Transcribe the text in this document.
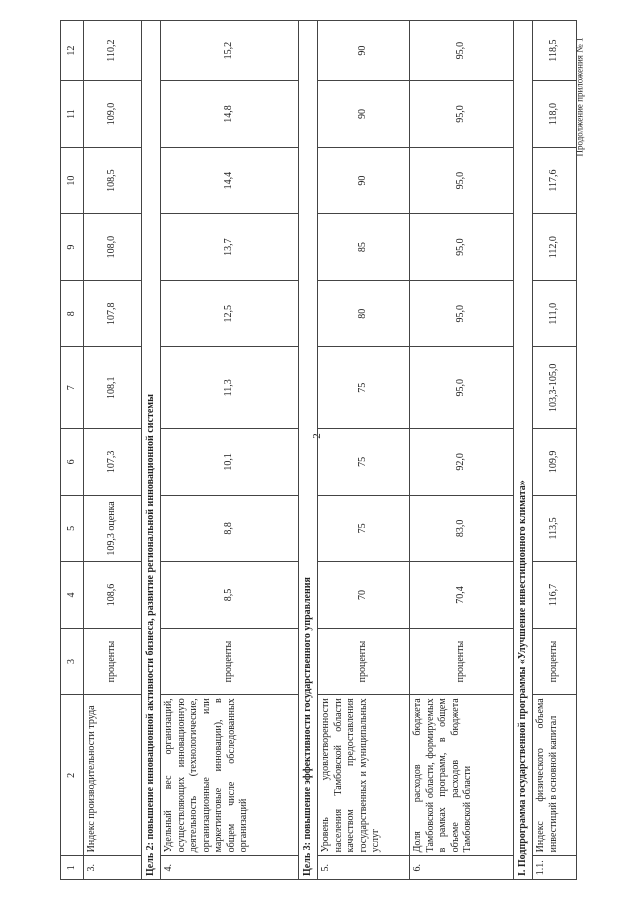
2
Продолжение приложения № 1
1	2	3	4	5	6	7	8	9	10	11	12
3.	Индекс производительности труда	проценты	108,6	109,3 оценка	107,3	108,1	107,8	108,0	108,5	109,0	110,2
Цель 2: повышение инновационной активности бизнеса, развитие региональной инновационной системы											
4.	Удельный вес организаций, осуществляющих инновационную деятельность (технологические, организационные или маркетинговые инновации), в общем числе обследованных организаций	проценты	8,5	8,8	10,1	11,3	12,5	13,7	14,4	14,8	15,2
Цель 3: повышение эффективности государственного управления											
5.	Уровень удовлетворенности населения Тамбовской области качеством предоставления государственных и муниципальных услуг	проценты	70	75	75	75	80	85	90	90	90
6.	Доля расходов бюджета Тамбовской области, формируемых в рамках программ, в общем объеме расходов бюджета Тамбовской области	проценты	70,4	83,0	92,0	95,0	95,0	95,0	95,0	95,0	95,0
I. Подпрограмма государственной программы «Улучшение инвестиционного климата»											
1.1.	Индекс физического объема инвестиций в основной капитал	проценты	116,7	113,5	109,9	103,3-105,0	111,0	112,0	117,6	118,0	118,5
